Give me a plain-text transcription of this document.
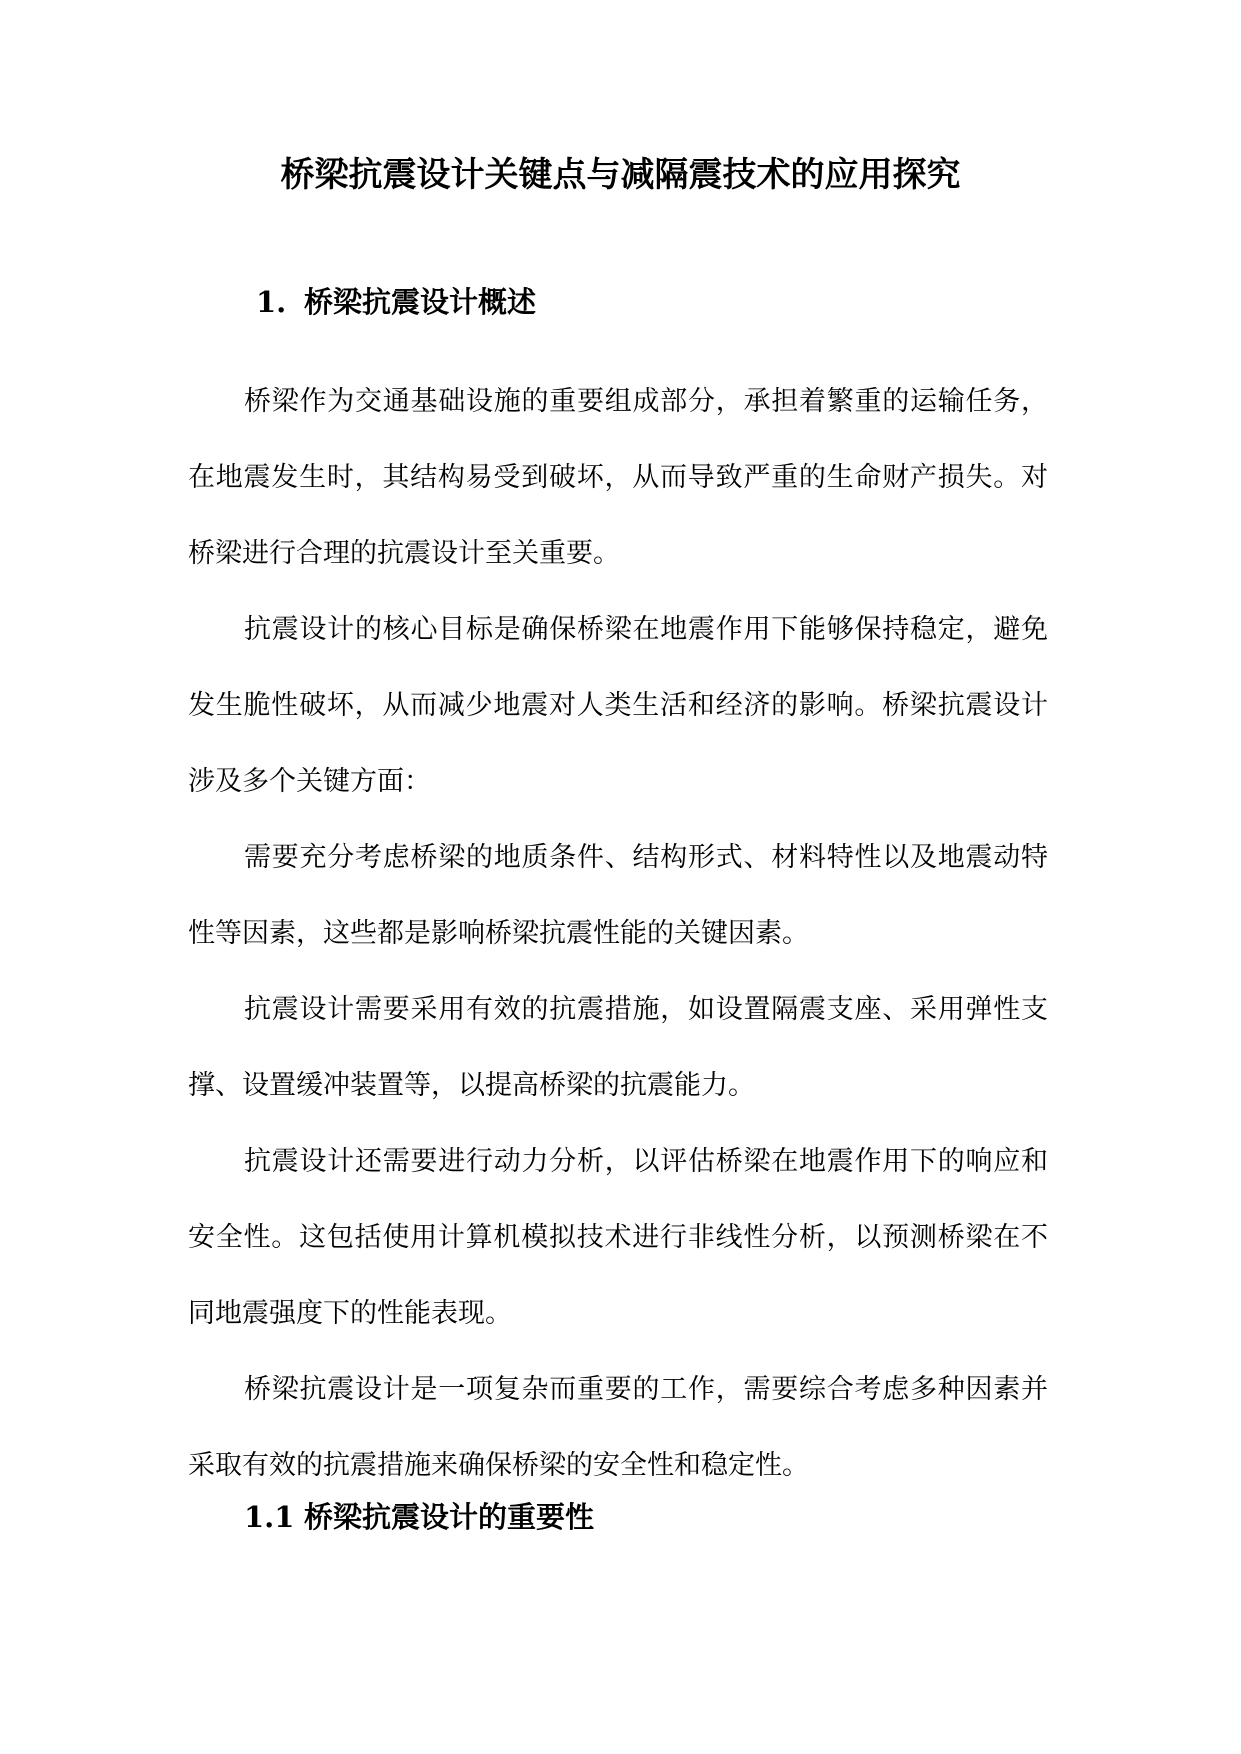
桥梁抗震设计关键点与减隔震技术的应用探究
1. 桥梁抗震设计概述

桥梁作为交通基础设施的重要组成部分，承担着繁重的运输任务，在地震发生时，其结构易受到破坏，从而导致严重的生命财产损失。对桥梁进行合理的抗震设计至关重要。

抗震设计的核心目标是确保桥梁在地震作用下能够保持稳定，避免发生脆性破坏，从而减少地震对人类生活和经济的影响。桥梁抗震设计涉及多个关键方面：

需要充分考虑桥梁的地质条件、结构形式、材料特性以及地震动特性等因素，这些都是影响桥梁抗震性能的关键因素。

抗震设计需要采用有效的抗震措施，如设置隔震支座、采用弹性支撑、设置缓冲装置等，以提高桥梁的抗震能力。

抗震设计还需要进行动力分析，以评估桥梁在地震作用下的响应和安全性。这包括使用计算机模拟技术进行非线性分析，以预测桥梁在不同地震强度下的性能表现。

桥梁抗震设计是一项复杂而重要的工作，需要综合考虑多种因素并采取有效的抗震措施来确保桥梁的安全性和稳定性。

1.1 桥梁抗震设计的重要性
